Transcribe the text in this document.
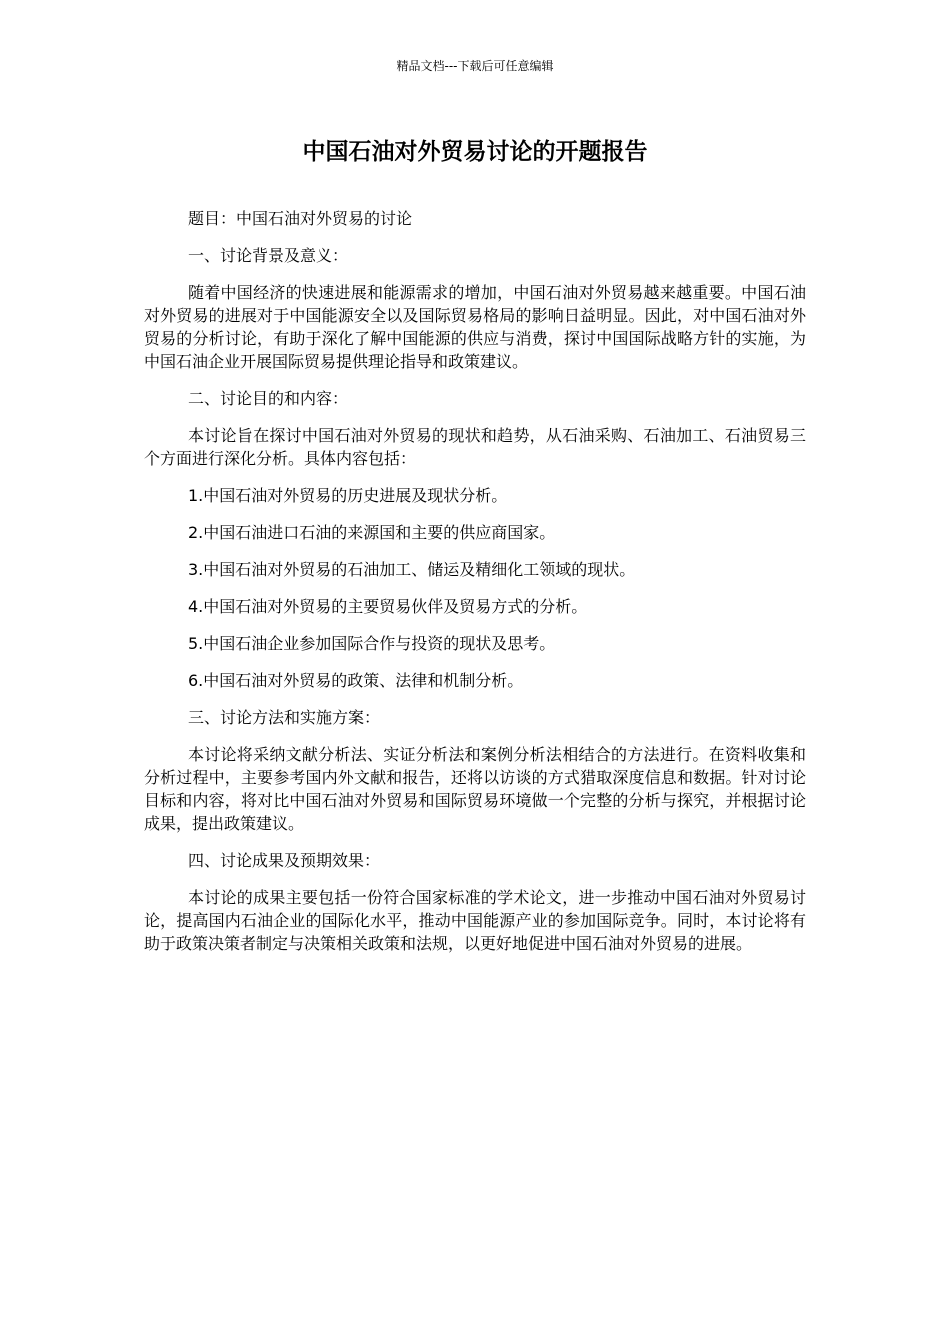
精品文档---下载后可任意编辑
中国石油对外贸易讨论的开题报告

题目：中国石油对外贸易的讨论

一、讨论背景及意义：

随着中国经济的快速进展和能源需求的增加，中国石油对外贸易越来越重要。中国石油对外贸易的进展对于中国能源安全以及国际贸易格局的影响日益明显。因此，对中国石油对外贸易的分析讨论，有助于深化了解中国能源的供应与消费，探讨中国国际战略方针的实施，为中国石油企业开展国际贸易提供理论指导和政策建议。

二、讨论目的和内容：

本讨论旨在探讨中国石油对外贸易的现状和趋势，从石油采购、石油加工、石油贸易三个方面进行深化分析。具体内容包括：

1.中国石油对外贸易的历史进展及现状分析。

2.中国石油进口石油的来源国和主要的供应商国家。

3.中国石油对外贸易的石油加工、储运及精细化工领域的现状。

4.中国石油对外贸易的主要贸易伙伴及贸易方式的分析。

5.中国石油企业参加国际合作与投资的现状及思考。

6.中国石油对外贸易的政策、法律和机制分析。

三、讨论方法和实施方案：

本讨论将采纳文献分析法、实证分析法和案例分析法相结合的方法进行。在资料收集和分析过程中，主要参考国内外文献和报告，还将以访谈的方式猎取深度信息和数据。针对讨论目标和内容，将对比中国石油对外贸易和国际贸易环境做一个完整的分析与探究，并根据讨论成果，提出政策建议。

四、讨论成果及预期效果：

本讨论的成果主要包括一份符合国家标准的学术论文，进一步推动中国石油对外贸易讨论，提高国内石油企业的国际化水平，推动中国能源产业的参加国际竞争。同时，本讨论将有助于政策决策者制定与决策相关政策和法规，以更好地促进中国石油对外贸易的进展。
